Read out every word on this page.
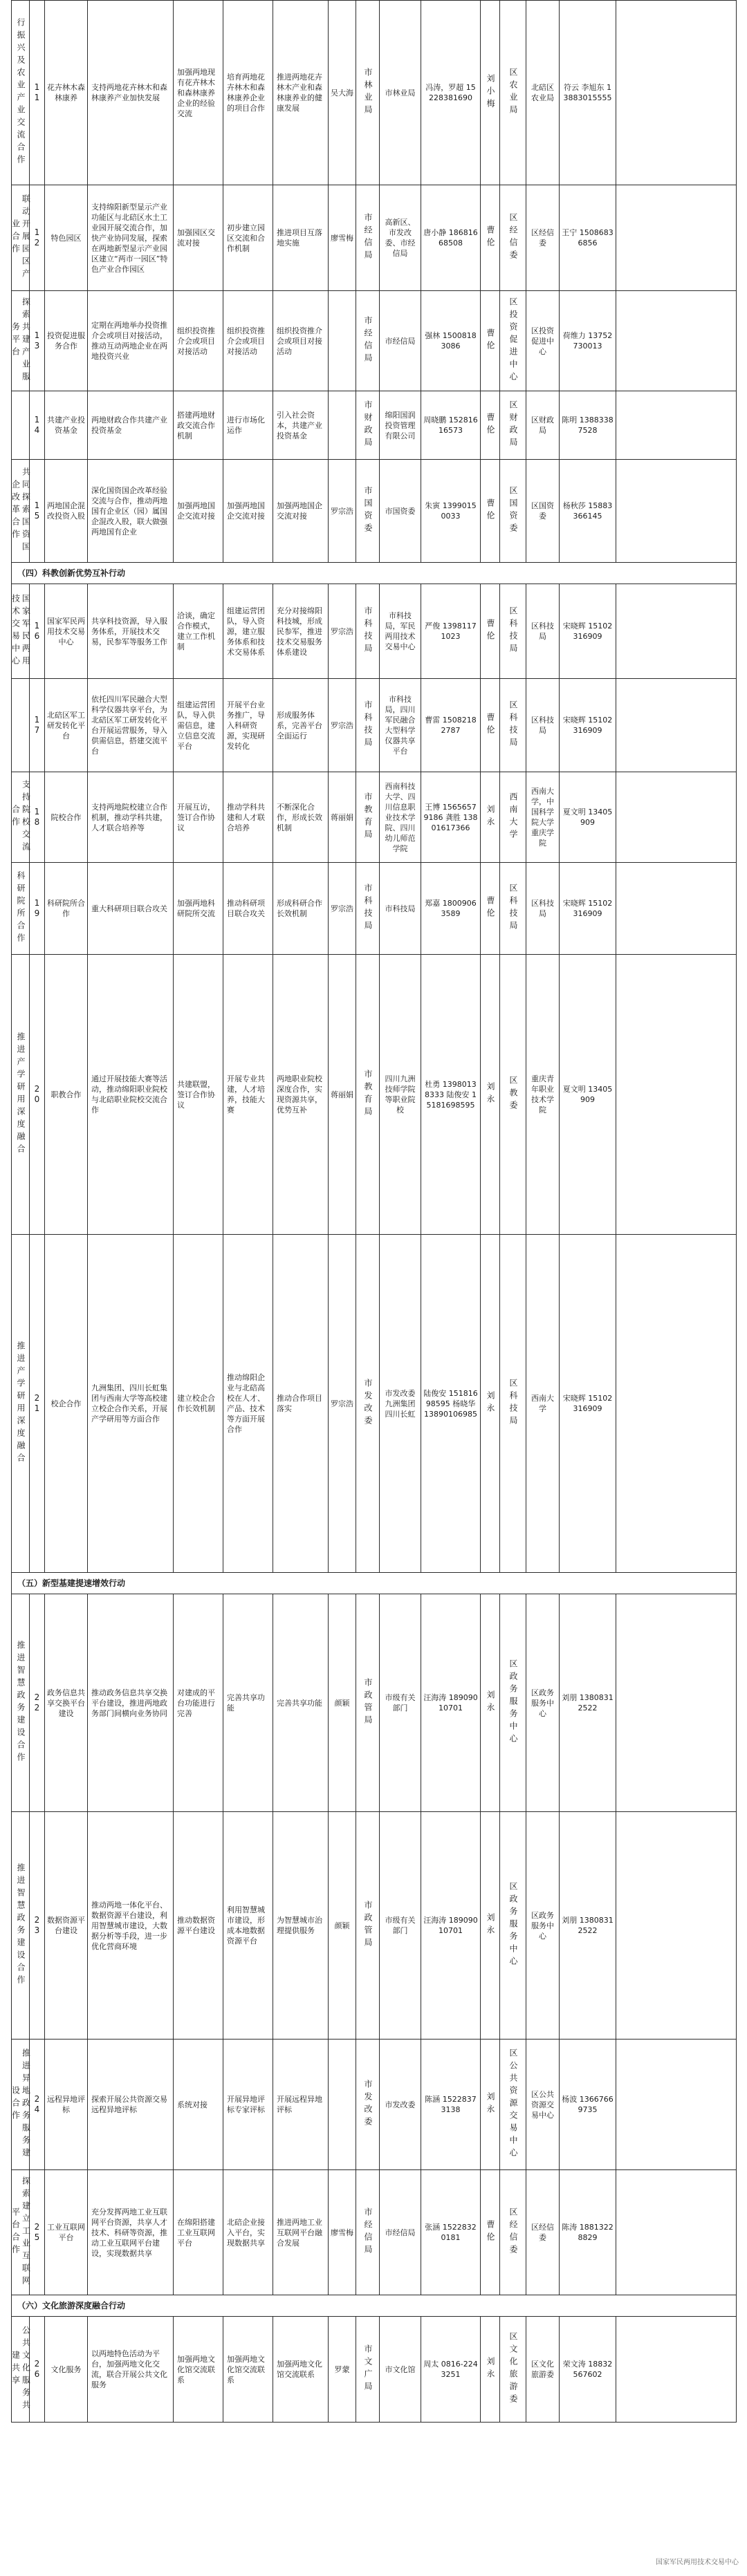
行振兴及农业产业交流合作	11	花卉林木森林康养	支持两地花卉林木和森林康养产业加快发展	加强两地现有花卉林木和森林康养企业的经验交流	培育两地花卉林木和森林康养企业的项目合作	推进两地花卉林木产业和森林康养业的健康发展	吴大海	市林业局	市林业局	冯涛，罗超 15228381690	刘小梅	区农业局	北碚区农业局	符云 李旭东 13883015555	
联动开展园区产业合作	12	特色园区	支持绵阳新型显示产业功能区与北碚区水土工业园开展交流合作，加快产业协同发展，探索在两地新型显示产业园区建立“两市一园区”特色产业合作园区	加强园区交流对接	初步建立园区交流和合作机制	推进项目互落地实施	廖雪梅	市经信局	高新区、市发改委、市经信局	唐小静 18681668508	曹伦	区经信委	区经信委	王宁 15086836856	
探索共建产业服务平台	13	投资促进服务合作	定期在两地举办投资推介会或项目对接活动，推动互动两地企业在两地投资兴业	组织投资推介会或项目对接活动	组织投资推介会或项目对接活动	组织投资推介会或项目对接活动		市经信局	市经信局	强林 15008183086	曹伦	区投资促进中心	区投资促进中心	荷维力 13752730013	
	14	共建产业投资基金	两地财政合作共建产业投资基金	搭建两地财政交流合作机制	进行市场化运作	引入社会资本，共建产业投资基金		市财政局	绵阳国润投资管理有限公司	周晓鹏 15281616573	曹伦	区财政局	区财政局	陈明 13883387528	
共同探索国资国企改革合作	15	两地国企混改投资入股	深化国资国企改革经验交流与合作，推动两地国有企业区（园）属国企混改入股，联大做强两地国有企业	加强两地国企交流对接	加强两地国企交流对接	加强两地国企交流对接	罗宗浩	市国资委	市国资委	朱寅 13990150033	曹伦	区国资委	区国资委	杨秋莎 15883366145	
（四）科教创新优势互补行动															
国家军民两用技术交易中心	16	国家军民两用技术交易中心	共享科技资源，导入服务体系，开展技术交易，民参军等服务工作	洽谈，确定合作模式，建立工作机制	组建运营团队，导入资源，建立服务体系和技术交易体系	充分对接绵阳科技城，形成民参军，推进技术交易服务体系建设	罗宗浩	市科技局	市科技局，军民两用技术交易中心	严俊 13981171023	曹伦	区科技局	区科技局	宋晓辉 15102316909	
	17	北碚区军工研发转化平台	依托四川军民融合大型科学仪器共享平台，为北碚区军工研发转化平台开展运营服务，导入供需信息，搭建交流平台	组建运营团队，导入供需信息，建立信息交流平台	开展平台业务推广，导入科研资源，实现研发转化	形成服务体系，完善平台全面运行	罗宗浩	市科技局	市科技局，四川军民融合大型科学仪器共享平台	曹雷 15082182787	曹伦	区科技局	区科技局	宋晓辉 15102316909	
支持院校交流合作	18	院校合作	支持两地院校建立合作机制，推动学科共建，人才联合培养等	开展互访，签订合作协议	推动学科共建和人才联合培养	不断深化合作，形成长效机制	蒋丽娟	市教育局	西南科技大学、四川信息职业技术学院、四川幼儿师范学院	王博 15656579186 龚胜 13801617366	刘永	西南大学	西南大学，中国科学院大学重庆学院	夏文明 13405909	
科研院所合作	19	科研院所合作	重大科研项目联合攻关	加强两地科研院所交流	推动科研项目联合攻关	形成科研合作长效机制	罗宗浩	市科技局	市科技局	郑嘉 18009063589	曹伦	区科技局	区科技局	宋晓辉 15102316909	
推进产学研用深度融合	20	职教合作	通过开展技能大赛等活动，推动绵阳职业院校与北碚职业院校交流合作	共建联盟，签订合作协议	开展专业共建，人才培养，技能大赛	两地职业院校深度合作，实现资源共享，优势互补	蒋丽娟	市教育局	四川九洲技师学院等职业院校	杜勇 13980138333 陆俊安 15181698595	刘永	区教委	重庆青年职业技术学院	夏文明 13405909	
推进产学研用深度融合	21	校企合作	九洲集团、四川长虹集团与西南大学等高校建立校企合作关系，开展产学研用等方面合作	建立校企合作长效机制	推动绵阳企业与北碚高校在人才、产品、技术等方面开展合作	推动合作项目落实	罗宗浩	市发改委	市发改委 九洲集团 四川长虹	陆俊安 15181698595 杨晓华 13890106985	刘永	区科技局	西南大学	宋晓辉 15102316909	
（五）新型基建提速增效行动															
推进智慧政务建设合作	22	政务信息共享交换平台建设	推动政务信息共享交换平台建设，推进两地政务部门间横向业务协同	对建成的平台功能进行完善	完善共享功能	完善共享功能	颜颖	市政管局	市级有关部门	汪海涛 18909010701	刘永	区政务服务中心	区政务服务中心	刘朋 13808312522	
推进智慧政务建设合作	23	数据资源平台建设	推动两地一体化平台、数据资源平台建设，利用智慧城市建设，大数据分析等手段，进一步优化营商环境	推动数据资源平台建设	利用智慧城市建设，形成本地数据资源平台	为智慧城市治理提供服务	颜颖	市政管局	市级有关部门	汪海涛 18909010701	刘永	区政务服务中心	区政务服务中心	刘朋 13808312522	
推进异地政务服务建设合作	24	远程异地评标	探索开展公共资源交易远程异地评标	系统对接	开展异地评标专家评标	开展远程异地评标		市发改委	市发改委	陈涵 15228373138	刘永	区公共资源交易中心	区公共资源交易中心	杨波 13667669735	
探索建立工业互联网平台合作	25	工业互联网平台	充分发挥两地工业互联网平台资源，共享人才技术、科研等资源，推动工业互联网平台建设，实现数据共享	在绵阳搭建工业互联网平台	北碚企业接入平台，实现数据共享	推进两地工业互联网平台融合发展	廖雪梅	市经信局	市经信局	张涵 15228320181	曹伦	区经信委	区经信委	陈涛 18813228829	
（六）文化旅游深度融合行动															
公共文化服务共建共享	26	文化服务	以两地特色活动为平台，加强两地文化交流，联合开展公共文化服务	加强两地文化馆交流联系	加强两地文化馆交流联系	加强两地文化馆交流联系	罗蒙	市文广局	市文化馆	周太 0816-2243251	刘永	区文化旅游委	区文化旅游委	荣文涛 18832567602	
国家军民两用技术交易中心
